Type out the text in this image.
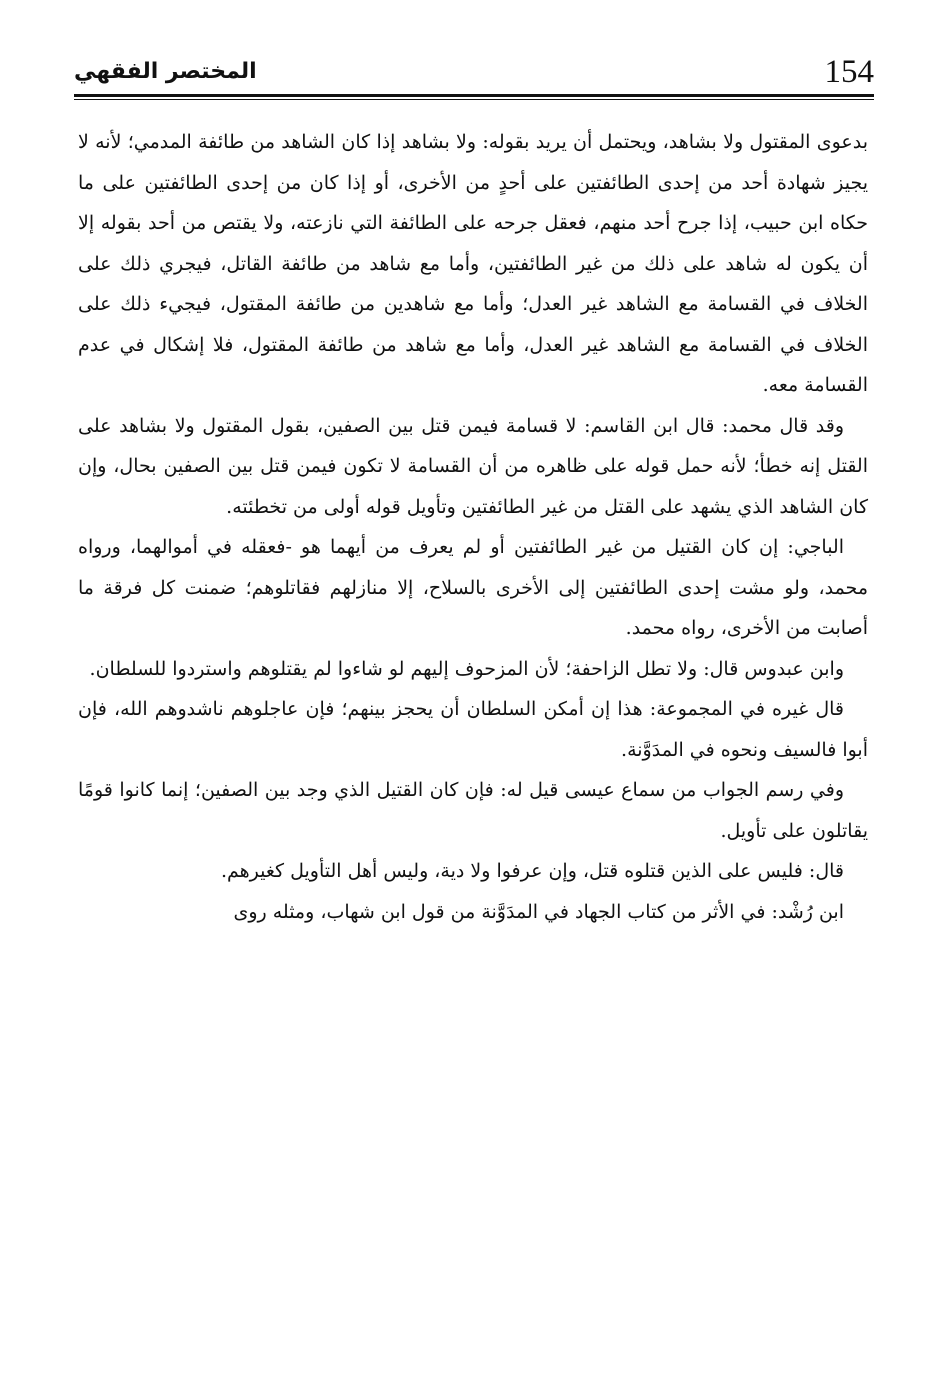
154
المختصر الفقهي

بدعوى المقتول ولا بشاهد، ويحتمل أن يريد بقوله: ولا بشاهد إذا كان الشاهد من طائفة المدمي؛ لأنه لا يجيز شهادة أحد من إحدى الطائفتين على أحدٍ من الأخرى، أو إذا كان من إحدى الطائفتين على ما حكاه ابن حبيب، إذا جرح أحد منهم، فعقل جرحه على الطائفة التي نازعته، ولا يقتص من أحد بقوله إلا أن يكون له شاهد على ذلك من غير الطائفتين، وأما مع شاهد من طائفة القاتل، فيجري ذلك على الخلاف في القسامة مع الشاهد غير العدل؛ وأما مع شاهدين من طائفة المقتول، فيجيء ذلك على الخلاف في القسامة مع الشاهد غير العدل، وأما مع شاهد من طائفة المقتول، فلا إشكال في عدم القسامة معه.

وقد قال محمد: قال ابن القاسم: لا قسامة فيمن قتل بين الصفين، بقول المقتول ولا بشاهد على القتل إنه خطأ؛ لأنه حمل قوله على ظاهره من أن القسامة لا تكون فيمن قتل بين الصفين بحال، وإن كان الشاهد الذي يشهد على القتل من غير الطائفتين وتأويل قوله أولى من تخطئته.

الباجي: إن كان القتيل من غير الطائفتين أو لم يعرف من أيهما هو -فعقله في أموالهما، ورواه محمد، ولو مشت إحدى الطائفتين إلى الأخرى بالسلاح، إلا منازلهم فقاتلوهم؛ ضمنت كل فرقة ما أصابت من الأخرى، رواه محمد.

وابن عبدوس قال: ولا تطل الزاحفة؛ لأن المزحوف إليهم لو شاءوا لم يقتلوهم واستردوا للسلطان.

قال غيره في المجموعة: هذا إن أمكن السلطان أن يحجز بينهم؛ فإن عاجلوهم ناشدوهم الله، فإن أبوا فالسيف ونحوه في المدَوَّنة.

وفي رسم الجواب من سماع عيسى قيل له: فإن كان القتيل الذي وجد بين الصفين؛ إنما كانوا قومًا يقاتلون على تأويل.

قال: فليس على الذين قتلوه قتل، وإن عرفوا ولا دية، وليس أهل التأويل كغيرهم.

ابن رُشْد: في الأثر من كتاب الجهاد في المدَوَّنة من قول ابن شهاب، ومثله روى
